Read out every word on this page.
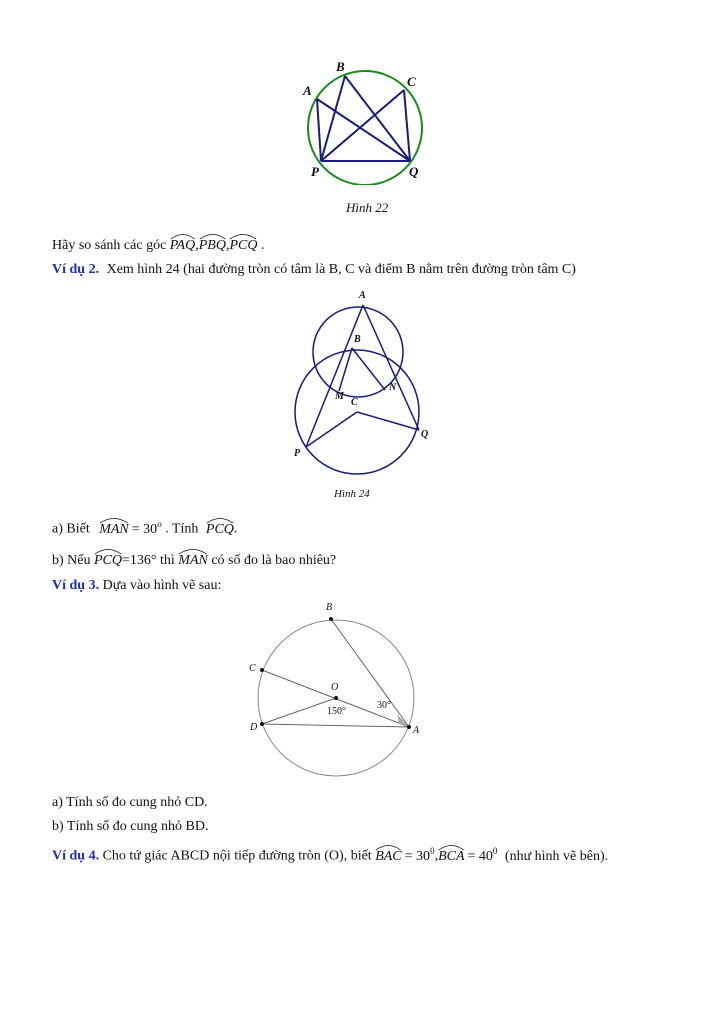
B
A
C
P	Q
Hình 22
Hãy so sánh các góc PAQ,
PBQ,
PCQ .
Ví dụ 2. Xem hình 24 (hai đường tròn có tâm là B, C và điểm B nằm trên đường tròn tâm C)
A
B
N
M
C
Q
P
Hình 24
a) Biết MAN = $30^o$ . Tính PCQ.
b) Nếu PCQ=136° thì MAN có số đo là bao nhiêu?
Ví dụ 3. Dựa vào hình vẽ sau:
B
C
O
150°
30°
D	A
a) Tính số đo cung nhỏ CD.
b) Tính số đo cung nhỏ BD.
Ví dụ 4. Cho tứ giác ABCD nội tiếp đường tròn (O), biết BAC = $30^0$,
BCA = $40^0$ (như hình vẽ bên).
